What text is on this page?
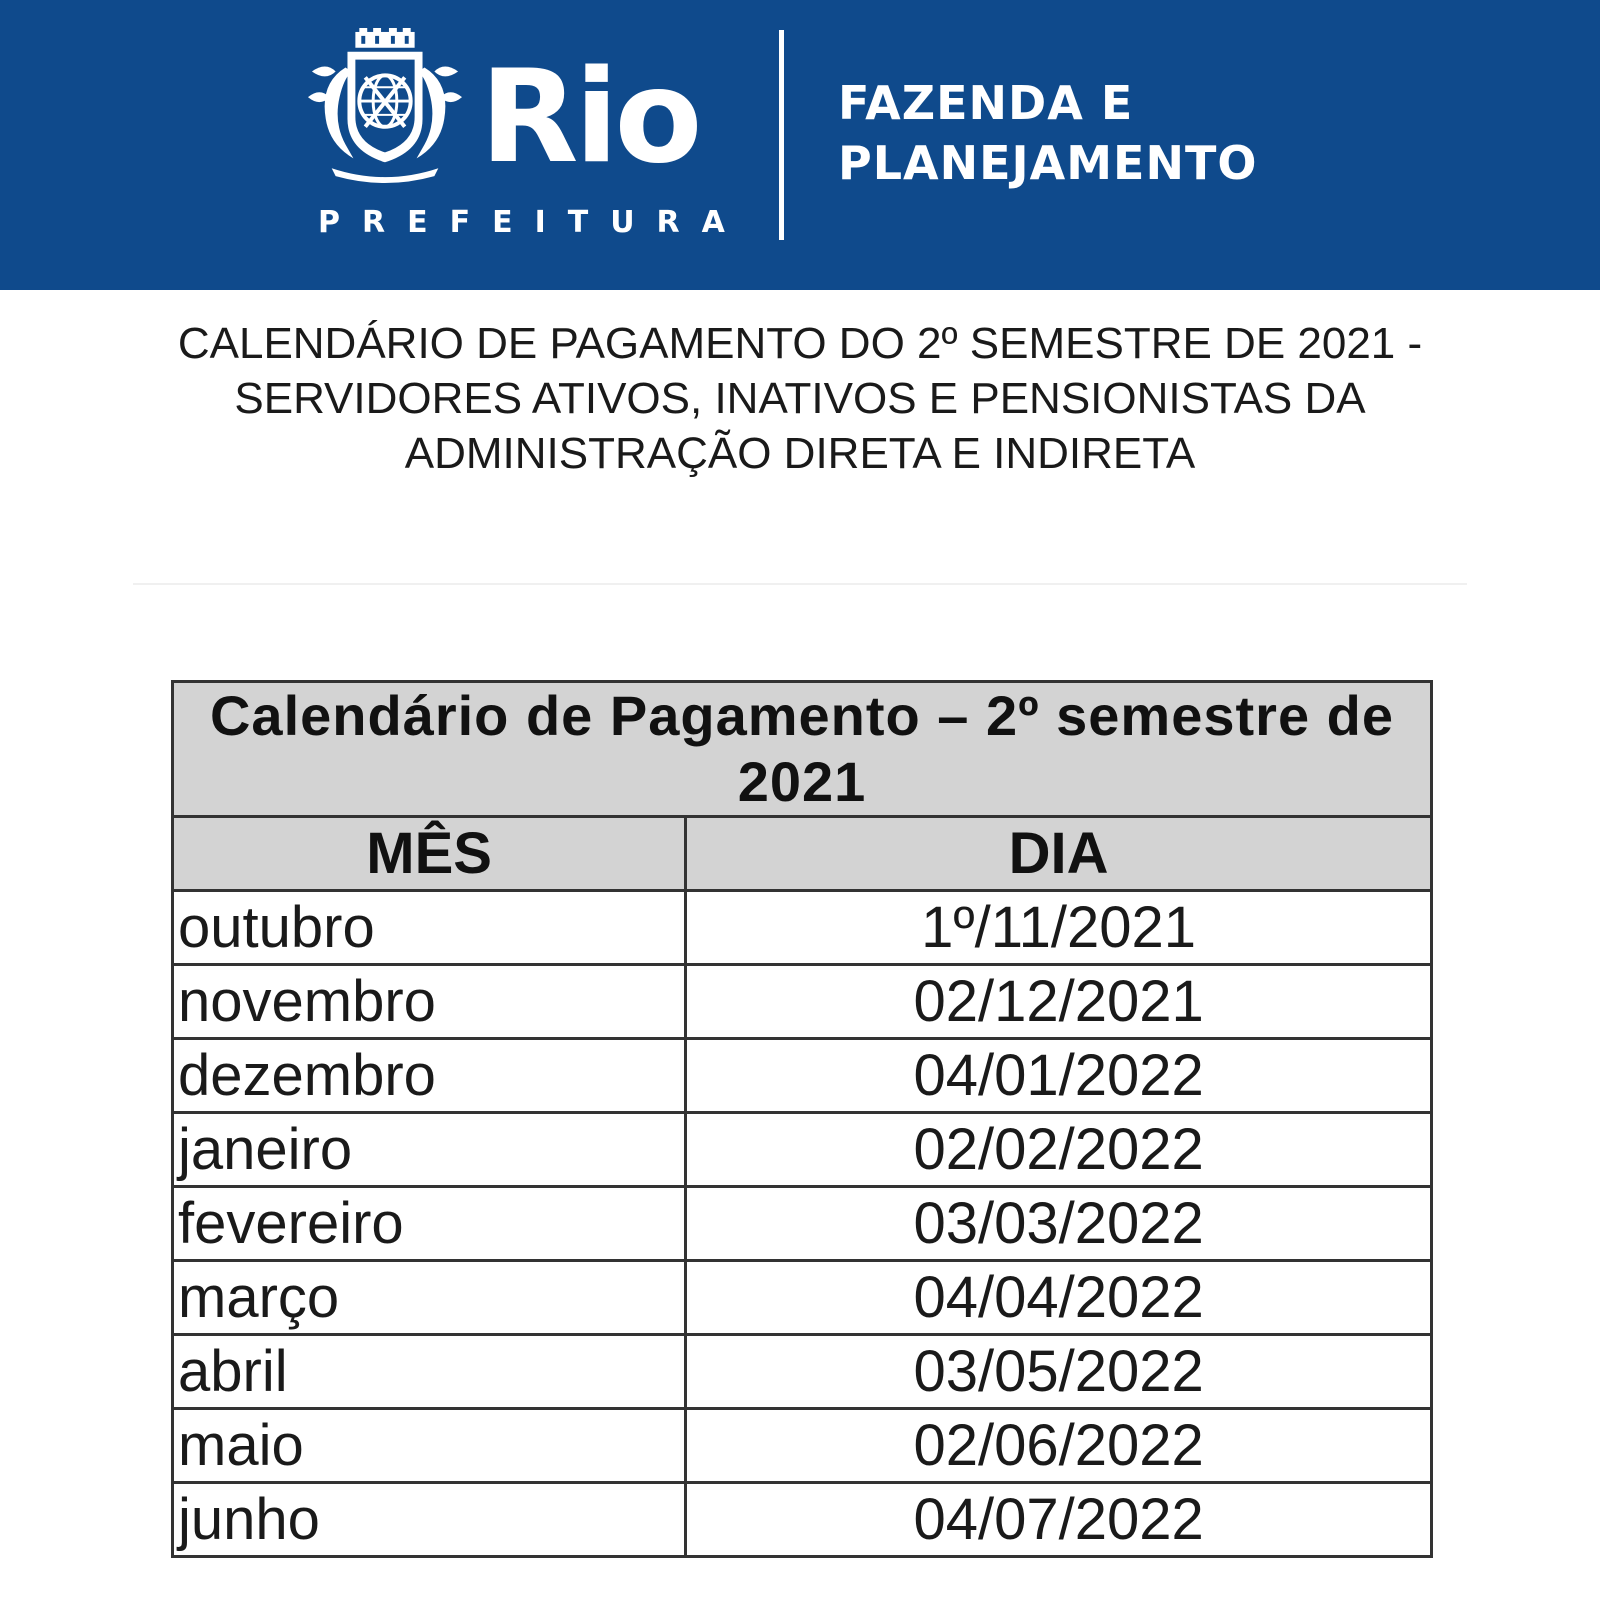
Rio

PREFEITURA

FAZENDA E
PLANEJAMENTO

CALENDÁRIO DE PAGAMENTO DO 2º SEMESTRE DE 2021 - SERVIDORES ATIVOS, INATIVOS E PENSIONISTAS DA ADMINISTRAÇÃO DIRETA E INDIRETA
Calendário de Pagamento – 2º semestre de 2021	
MÊS	DIA
outubro	1º/11/2021
novembro	02/12/2021
dezembro	04/01/2022
janeiro	02/02/2022
fevereiro	03/03/2022
março	04/04/2022
abril	03/05/2022
maio	02/06/2022
junho	04/07/2022
